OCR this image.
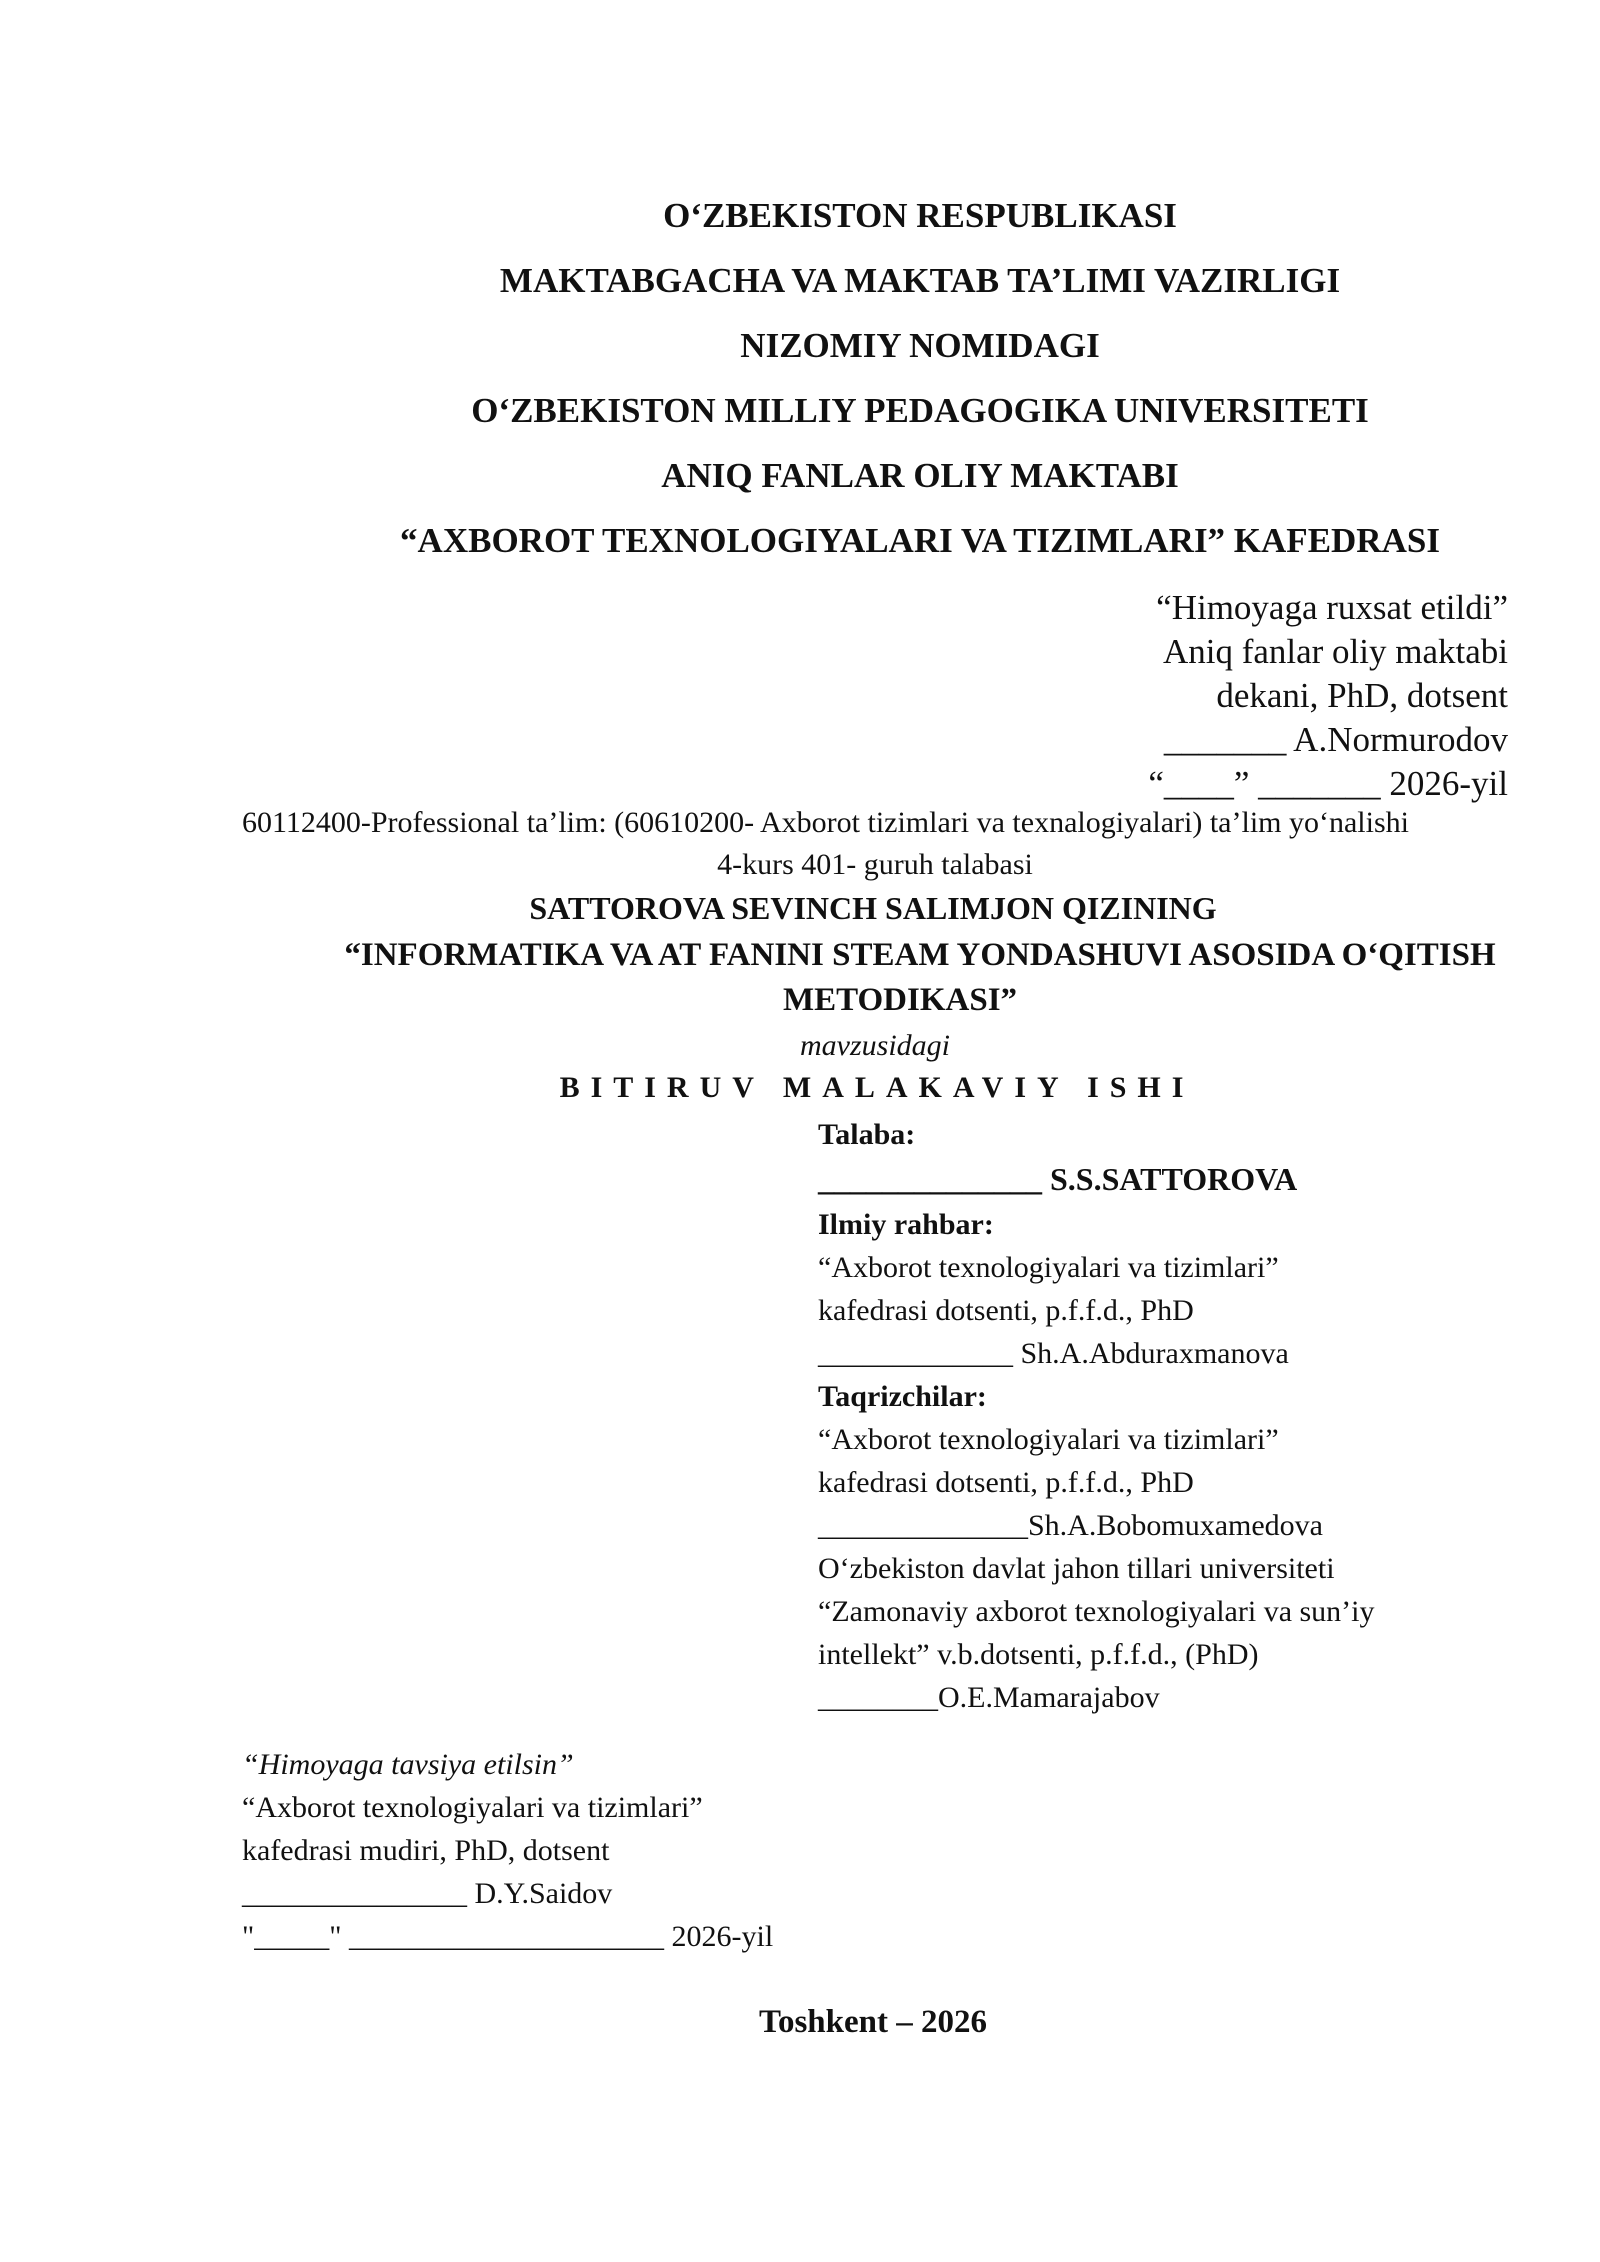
O‘ZBEKISTON RESPUBLIKASI
MAKTABGACHA VA MAKTAB TA’LIMI VAZIRLIGI
NIZOMIY NOMIDAGI
O‘ZBEKISTON MILLIY PEDAGOGIKA UNIVERSITETI
ANIQ FANLAR OLIY MAKTABI
“AXBOROT TEXNOLOGIYALARI VA TIZIMLARI” KAFEDRASI
“Himoyaga ruxsat etildi”
Aniq fanlar oliy maktabi
dekani, PhD, dotsent
_______ A.Normurodov
“____” _______ 2026-yil
60112400-Professional ta’lim: (60610200- Axborot tizimlari va texnalogiyalari) ta’lim yo‘nalishi
4-kurs 401- guruh talabasi
SATTOROVA SEVINCH SALIMJON QIZINING
“INFORMATIKA VA AT FANINI STEAM YONDASHUVI ASOSIDA O‘QITISH
METODIKASI”
mavzusidagi
BITIRUV MALAKAVIY ISHI
Talaba:
______________ S.S.SATTOROVA
Ilmiy rahbar:
“Axborot texnologiyalari va tizimlari”
kafedrasi dotsenti, p.f.f.d., PhD
_____________ Sh.A.Abduraxmanova
Taqrizchilar:
“Axborot texnologiyalari va tizimlari”
kafedrasi dotsenti, p.f.f.d., PhD
______________Sh.A.Bobomuxamedova
O‘zbekiston davlat jahon tillari universiteti
“Zamonaviy axborot texnologiyalari va sun’iy
intellekt” v.b.dotsenti, p.f.f.d., (PhD)
________O.E.Mamarajabov
“Himoyaga tavsiya etilsin”
“Axborot texnologiyalari va tizimlari”
kafedrasi mudiri, PhD, dotsent
_______________ D.Y.Saidov
"_____" _____________________ 2026-yil
Toshkent – 2026
